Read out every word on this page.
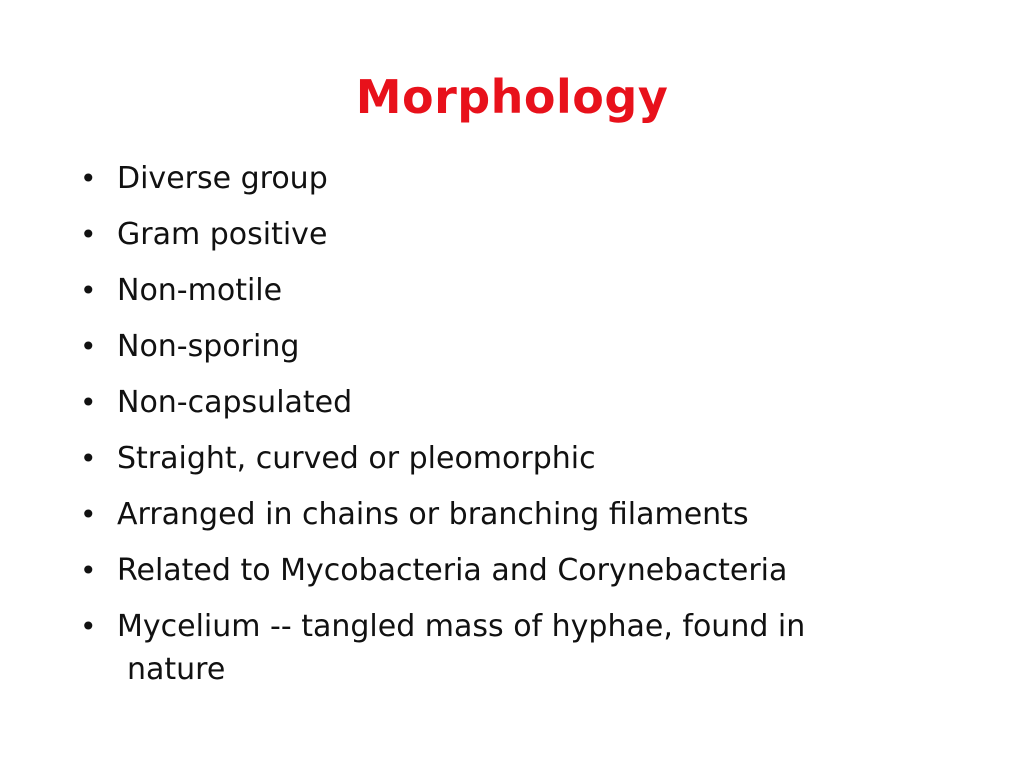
Morphology
• Diverse group
• Gram positive
• Non-motile
• Non-sporing
• Non-capsulated
• Straight, curved or pleomorphic
• Arranged in chains or branching filaments
• Related to Mycobacteria and Corynebacteria
• Mycelium -- tangled mass of hyphae, found in
nature
